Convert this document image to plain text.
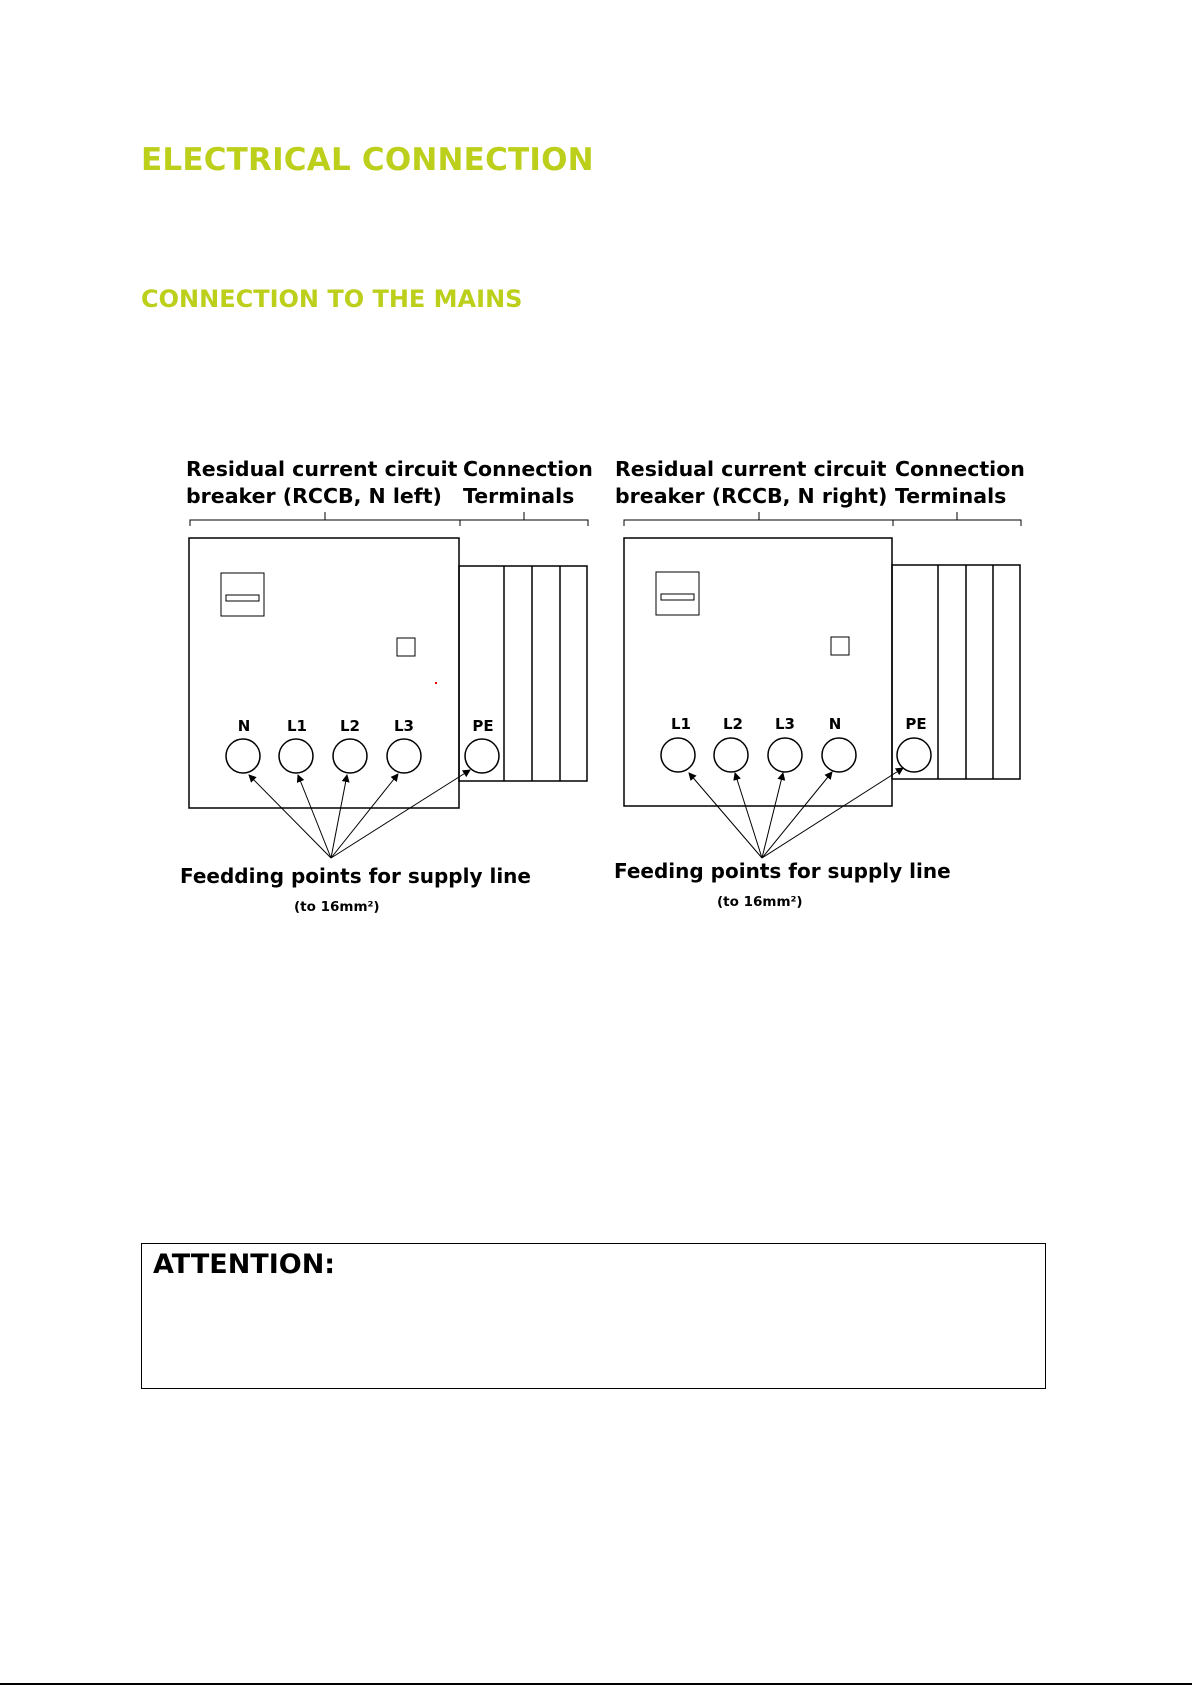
ELECTRICAL CONNECTION
CONNECTION TO THE MAINS
Residual current circuit
breaker (RCCB, N left)
Connection
Terminals
N L1 L2 L3	PE
Feedding points for supply line
(to 16mm²)
Residual current circuit
breaker (RCCB, N right)
Connection
Terminals
L1 L2 L3 N	PE
Feeding points for supply line
(to 16mm²)

ATTENTION:
